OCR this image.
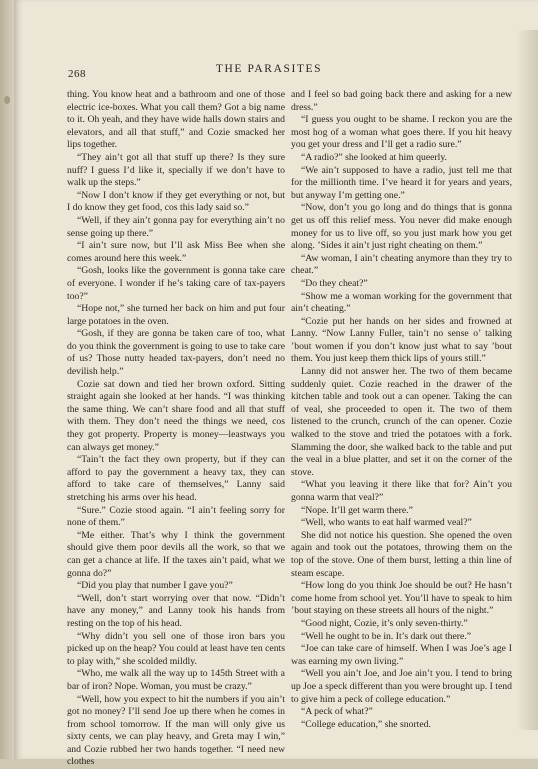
268	THE PARASITES

thing. You know heat and a bathroom and one of those electric ice-boxes. What you call them? Got a big name to it. Oh yeah, and they have wide halls down stairs and elevators, and all that stuff,” and Cozie smacked her lips together.

“They ain’t got all that stuff up there? Is they sure nuff? I guess I’d like it, specially if we don’t have to walk up the steps.”

“Now I don’t know if they get everything or not, but I do know they get food, cos this lady said so.”

“Well, if they ain’t gonna pay for everything ain’t no sense going up there.”

“I ain’t sure now, but I’ll ask Miss Bee when she comes around here this week.”

“Gosh, looks like the government is gonna take care of everyone. I wonder if he’s taking care of tax-payers too?”

“Hope not,” she turned her back on him and put four large potatoes in the oven.

“Gosh, if they are gonna be taken care of too, what do you think the government is going to use to take care of us? Those nutty headed tax-payers, don’t need no devilish help.”

Cozie sat down and tied her brown oxford. Sitting straight again she looked at her hands. “I was thinking the same thing. We can’t share food and all that stuff with them. They don’t need the things we need, cos they got property. Property is money—leastways you can always get money.”

“Tain’t the fact they own property, but if they can afford to pay the government a heavy tax, they can afford to take care of themselves,” Lanny said stretching his arms over his head.

“Sure.” Cozie stood again. “I ain’t feeling sorry for none of them.”

“Me either. That’s why I think the government should give them poor devils all the work, so that we can get a chance at life. If the taxes ain’t paid, what we gonna do?”

“Did you play that number I gave you?”

“Well, don’t start worrying over that now. “Didn’t have any money,” and Lanny took his hands from resting on the top of his head.

“Why didn’t you sell one of those iron bars you picked up on the heap? You could at least have ten cents to play with,” she scolded mildly.

“Who, me walk all the way up to 145th Street with a bar of iron? Nope. Woman, you must be crazy.”

“Well, how you expect to hit the numbers if you ain’t got no money? I’ll send Joe up there when he comes in from school tomorrow. If the man will only give us sixty cents, we can play heavy, and Greta may I win,” and Cozie rubbed her two hands together. “I need new clothes

and I feel so bad going back there and asking for a new dress.”

“I guess you ought to be shame. I reckon you are the most hog of a woman what goes there. If you hit heavy you get your dress and I’ll get a radio sure.”

“A radio?” she looked at him queerly.

“We ain’t supposed to have a radio, just tell me that for the millionth time. I’ve heard it for years and years, but anyway I’m getting one.”

“Now, don’t you go long and do things that is gonna get us off this relief mess. You never did make enough money for us to live off, so you just mark how you get along. ’Sides it ain’t just right cheating on them.”

“Aw woman, I ain’t cheating anymore than they try to cheat.”

“Do they cheat?”

“Show me a woman working for the government that ain’t cheating.”

“Cozie put her hands on her sides and frowned at Lanny. “Now Lanny Fuller, tain’t no sense o’ talking ’bout women if you don’t know just what to say ’bout them. You just keep them thick lips of yours still.”

Lanny did not answer her. The two of them became suddenly quiet. Cozie reached in the drawer of the kitchen table and took out a can opener. Taking the can of veal, she proceeded to open it. The two of them listened to the crunch, crunch of the can opener. Cozie walked to the stove and tried the potatoes with a fork. Slamming the door, she walked back to the table and put the veal in a blue platter, and set it on the corner of the stove.

“What you leaving it there like that for? Ain’t you gonna warm that veal?”

“Nope. It’ll get warm there.”

“Well, who wants to eat half warmed veal?”

She did not notice his question. She opened the oven again and took out the potatoes, throwing them on the top of the stove. One of them burst, letting a thin line of steam escape.

“How long do you think Joe should be out? He hasn’t come home from school yet. You’ll have to speak to him ’bout staying on these streets all hours of the night.”

“Good night, Cozie, it’s only seven-thirty.”

“Well he ought to be in. It’s dark out there.”

“Joe can take care of himself. When I was Joe’s age I was earning my own living.”

“Well you ain’t Joe, and Joe ain’t you. I tend to bring up Joe a speck different than you were brought up. I tend to give him a peck of college education.”

“A peck of what?”

“College education,” she snorted.
